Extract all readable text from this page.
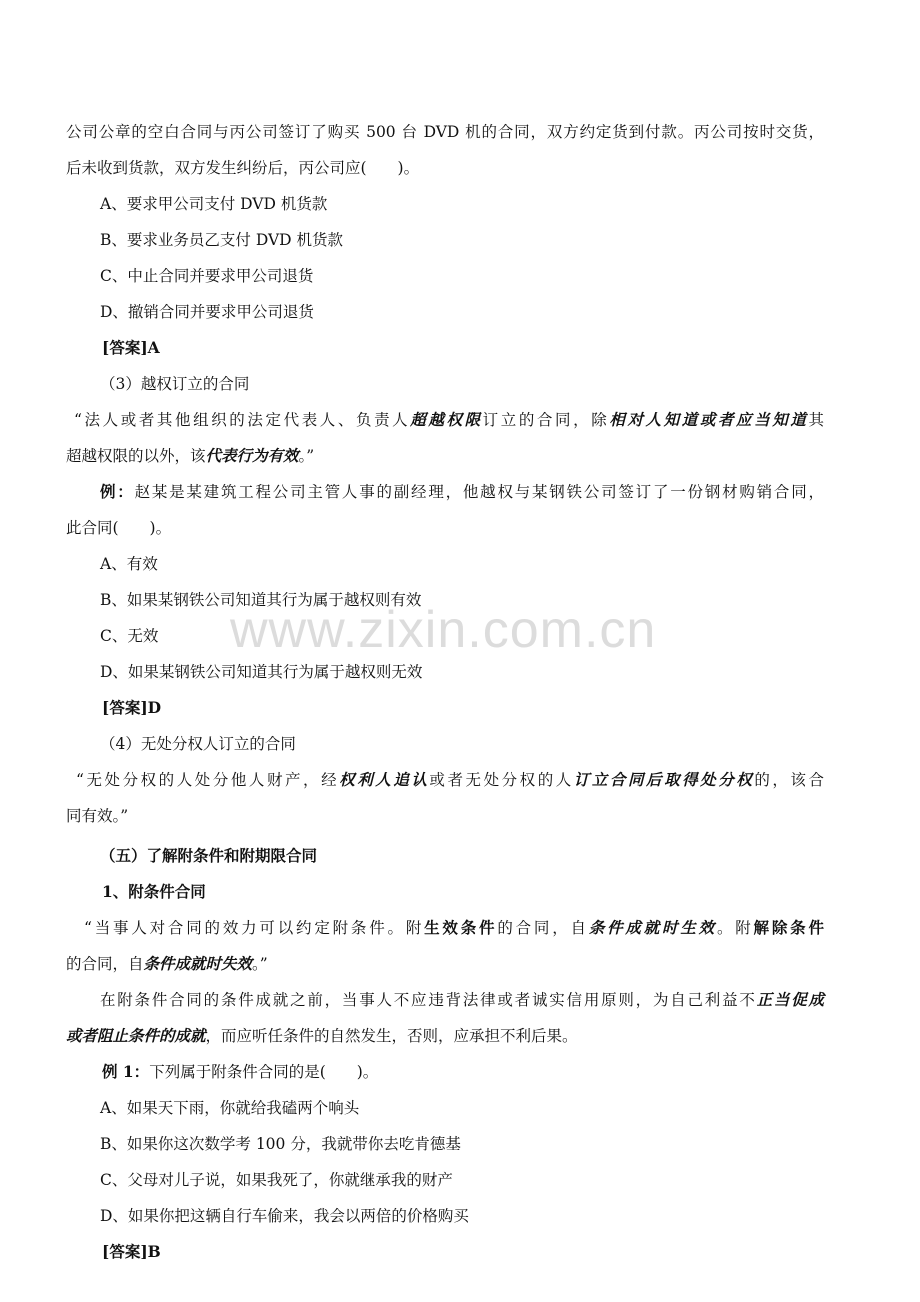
www.zixin.com.cn
公司公章的空白合同与丙公司签订了购买 500 台 DVD 机的合同，双方约定货到付款。丙公司按时交货，
后未收到货款，双方发生纠纷后，丙公司应(　　)。
A、要求甲公司支付 DVD 机货款
B、要求业务员乙支付 DVD 机货款
C、中止合同并要求甲公司退货
D、撤销合同并要求甲公司退货
[答案]A
（3）越权订立的合同
“法人或者其他组织的法定代表人、负责人超越权限订立的合同，除相对人知道或者应当知道其
超越权限的以外，该代表行为有效。”
例：赵某是某建筑工程公司主管人事的副经理，他越权与某钢铁公司签订了一份钢材购销合同，
此合同(　　)。
A、有效
B、如果某钢铁公司知道其行为属于越权则有效
C、无效
D、如果某钢铁公司知道其行为属于越权则无效
[答案]D
（4）无处分权人订立的合同
“无处分权的人处分他人财产，经权利人追认或者无处分权的人订立合同后取得处分权的，该合
同有效。”
（五）了解附条件和附期限合同
1、附条件合同
“当事人对合同的效力可以约定附条件。附生效条件的合同，自条件成就时生效。附解除条件
的合同，自条件成就时失效。”
在附条件合同的条件成就之前，当事人不应违背法律或者诚实信用原则，为自己利益不正当促成
或者阻止条件的成就，而应听任条件的自然发生，否则，应承担不利后果。
例 1：下列属于附条件合同的是(　　)。
A、如果天下雨，你就给我磕两个响头
B、如果你这次数学考 100 分，我就带你去吃肯德基
C、父母对儿子说，如果我死了，你就继承我的财产
D、如果你把这辆自行车偷来，我会以两倍的价格购买
[答案]B
